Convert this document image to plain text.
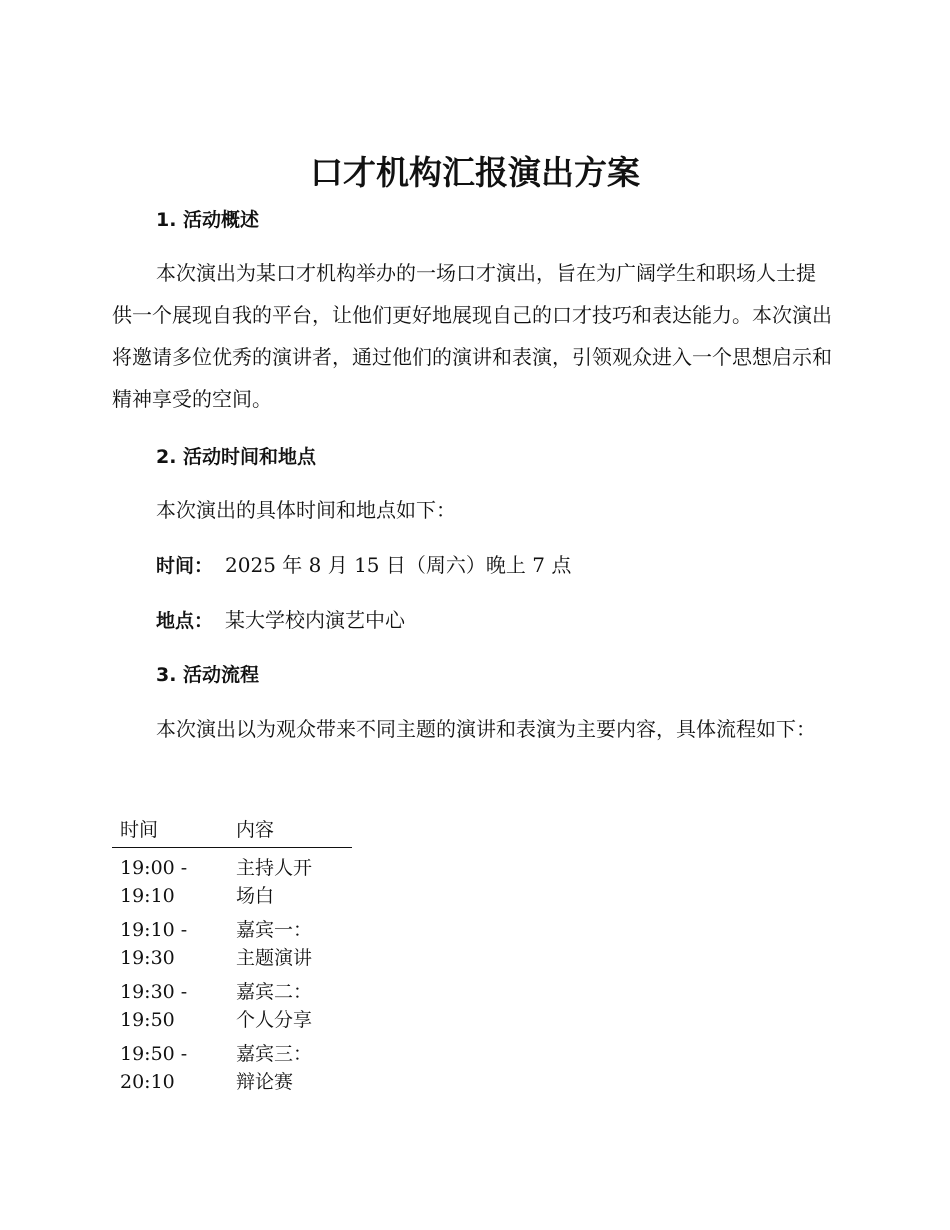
口才机构汇报演出方案
1. 活动概述
本次演出为某口才机构举办的一场口才演出，旨在为广阔学生和职场人士提供一个展现自我的平台，让他们更好地展现自己的口才技巧和表达能力。本次演出将邀请多位优秀的演讲者，通过他们的演讲和表演，引领观众进入一个思想启示和精神享受的空间。
2. 活动时间和地点
本次演出的具体时间和地点如下：
时间： 2025 年 8 月 15 日（周六）晚上 7 点
地点： 某大学校内演艺中心
3. 活动流程
本次演出以为观众带来不同主题的演讲和表演为主要内容，具体流程如下：
时间	内容
19:00 -
19:10
主持人开
场白
19:10 -
19:30
嘉宾一：
主题演讲
19:30 -
19:50
嘉宾二：
个人分享
19:50 -
20:10
嘉宾三：
辩论赛
